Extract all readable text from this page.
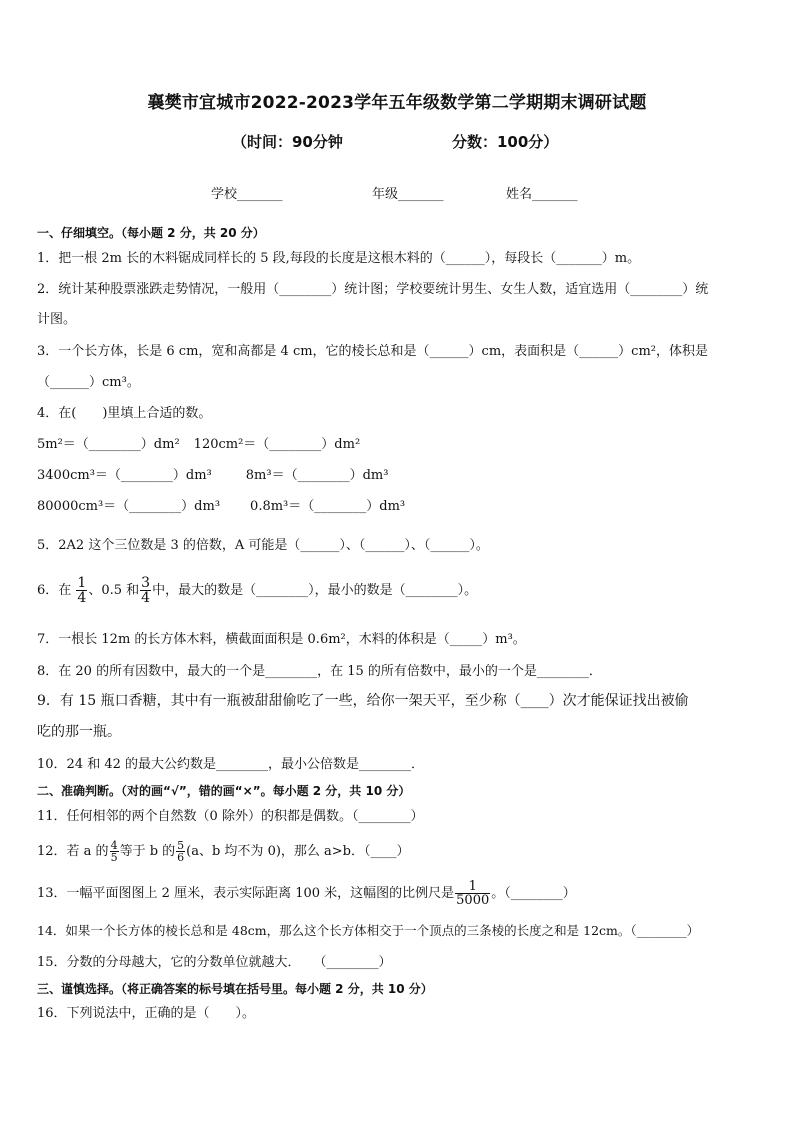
襄樊市宜城市2022-2023学年五年级数学第二学期期末调研试题
（时间：90分钟	分数：100分）
学校_______	年级_______	姓名_______
一、仔细填空。（每小题 2 分，共 20 分）
1．把一根 2m 长的木料锯成同样长的 5 段,每段的长度是这根木料的（______），每段长（_______）m。
2．统计某种股票涨跌走势情况，一般用（________）统计图；学校要统计男生、女生人数，适宜选用（________）统
计图。
3．一个长方体，长是 6 cm，宽和高都是 4 cm，它的棱长总和是（______）cm，表面积是（______）cm²，体积是
（______）cm³。
4．在(　　)里填上合适的数。
5m²＝（________）dm² 120cm²＝（________）dm²
3400cm³＝（________）dm³	8m³＝（________）dm³
80000cm³＝（________）dm³ 0.8m³＝（________）dm³
5．2A2 这个三位数是 3 的倍数，A 可能是（______）、（______）、（______）。
6．在 $\frac{1}{4}$ 、0.5 和 $\frac{3}{4}$ 中，最大的数是（________），最小的数是（________）。
7．一根长 12m 的长方体木料，横截面面积是 0.6m²，木料的体积是（_____）m³。
8．在 20 的所有因数中，最大的一个是________，在 15 的所有倍数中，最小的一个是________．
9．有 15 瓶口香糖，其中有一瓶被甜甜偷吃了一些，给你一架天平，至少称（____）次才能保证找出被偷
吃的那一瓶。
10．24 和 42 的最大公约数是________，最小公倍数是________．
二、准确判断。（对的画“√”，错的画“×”。每小题 2 分，共 10 分）
11．任何相邻的两个自然数（0 除外）的积都是偶数。（________）
12．若 a 的 $\frac{4}{5}$ 等于 b 的 $\frac{5}{6} (a$、b 均不为 0)，那么 a>b．（____）
13．一幅平面图图上 2 厘米，表示实际距离 100 米，这幅图的比例尺是 $\frac{1}{5000}$ 。（________）
14．如果一个长方体的棱长总和是 48cm，那么这个长方体相交于一个顶点的三条棱的长度之和是 12cm。（________）
15．分数的分母越大，它的分数单位就越大．　　（________）
三、谨慎选择。（将正确答案的标号填在括号里。每小题 2 分，共 10 分）
16．下列说法中，正确的是（　　）。
